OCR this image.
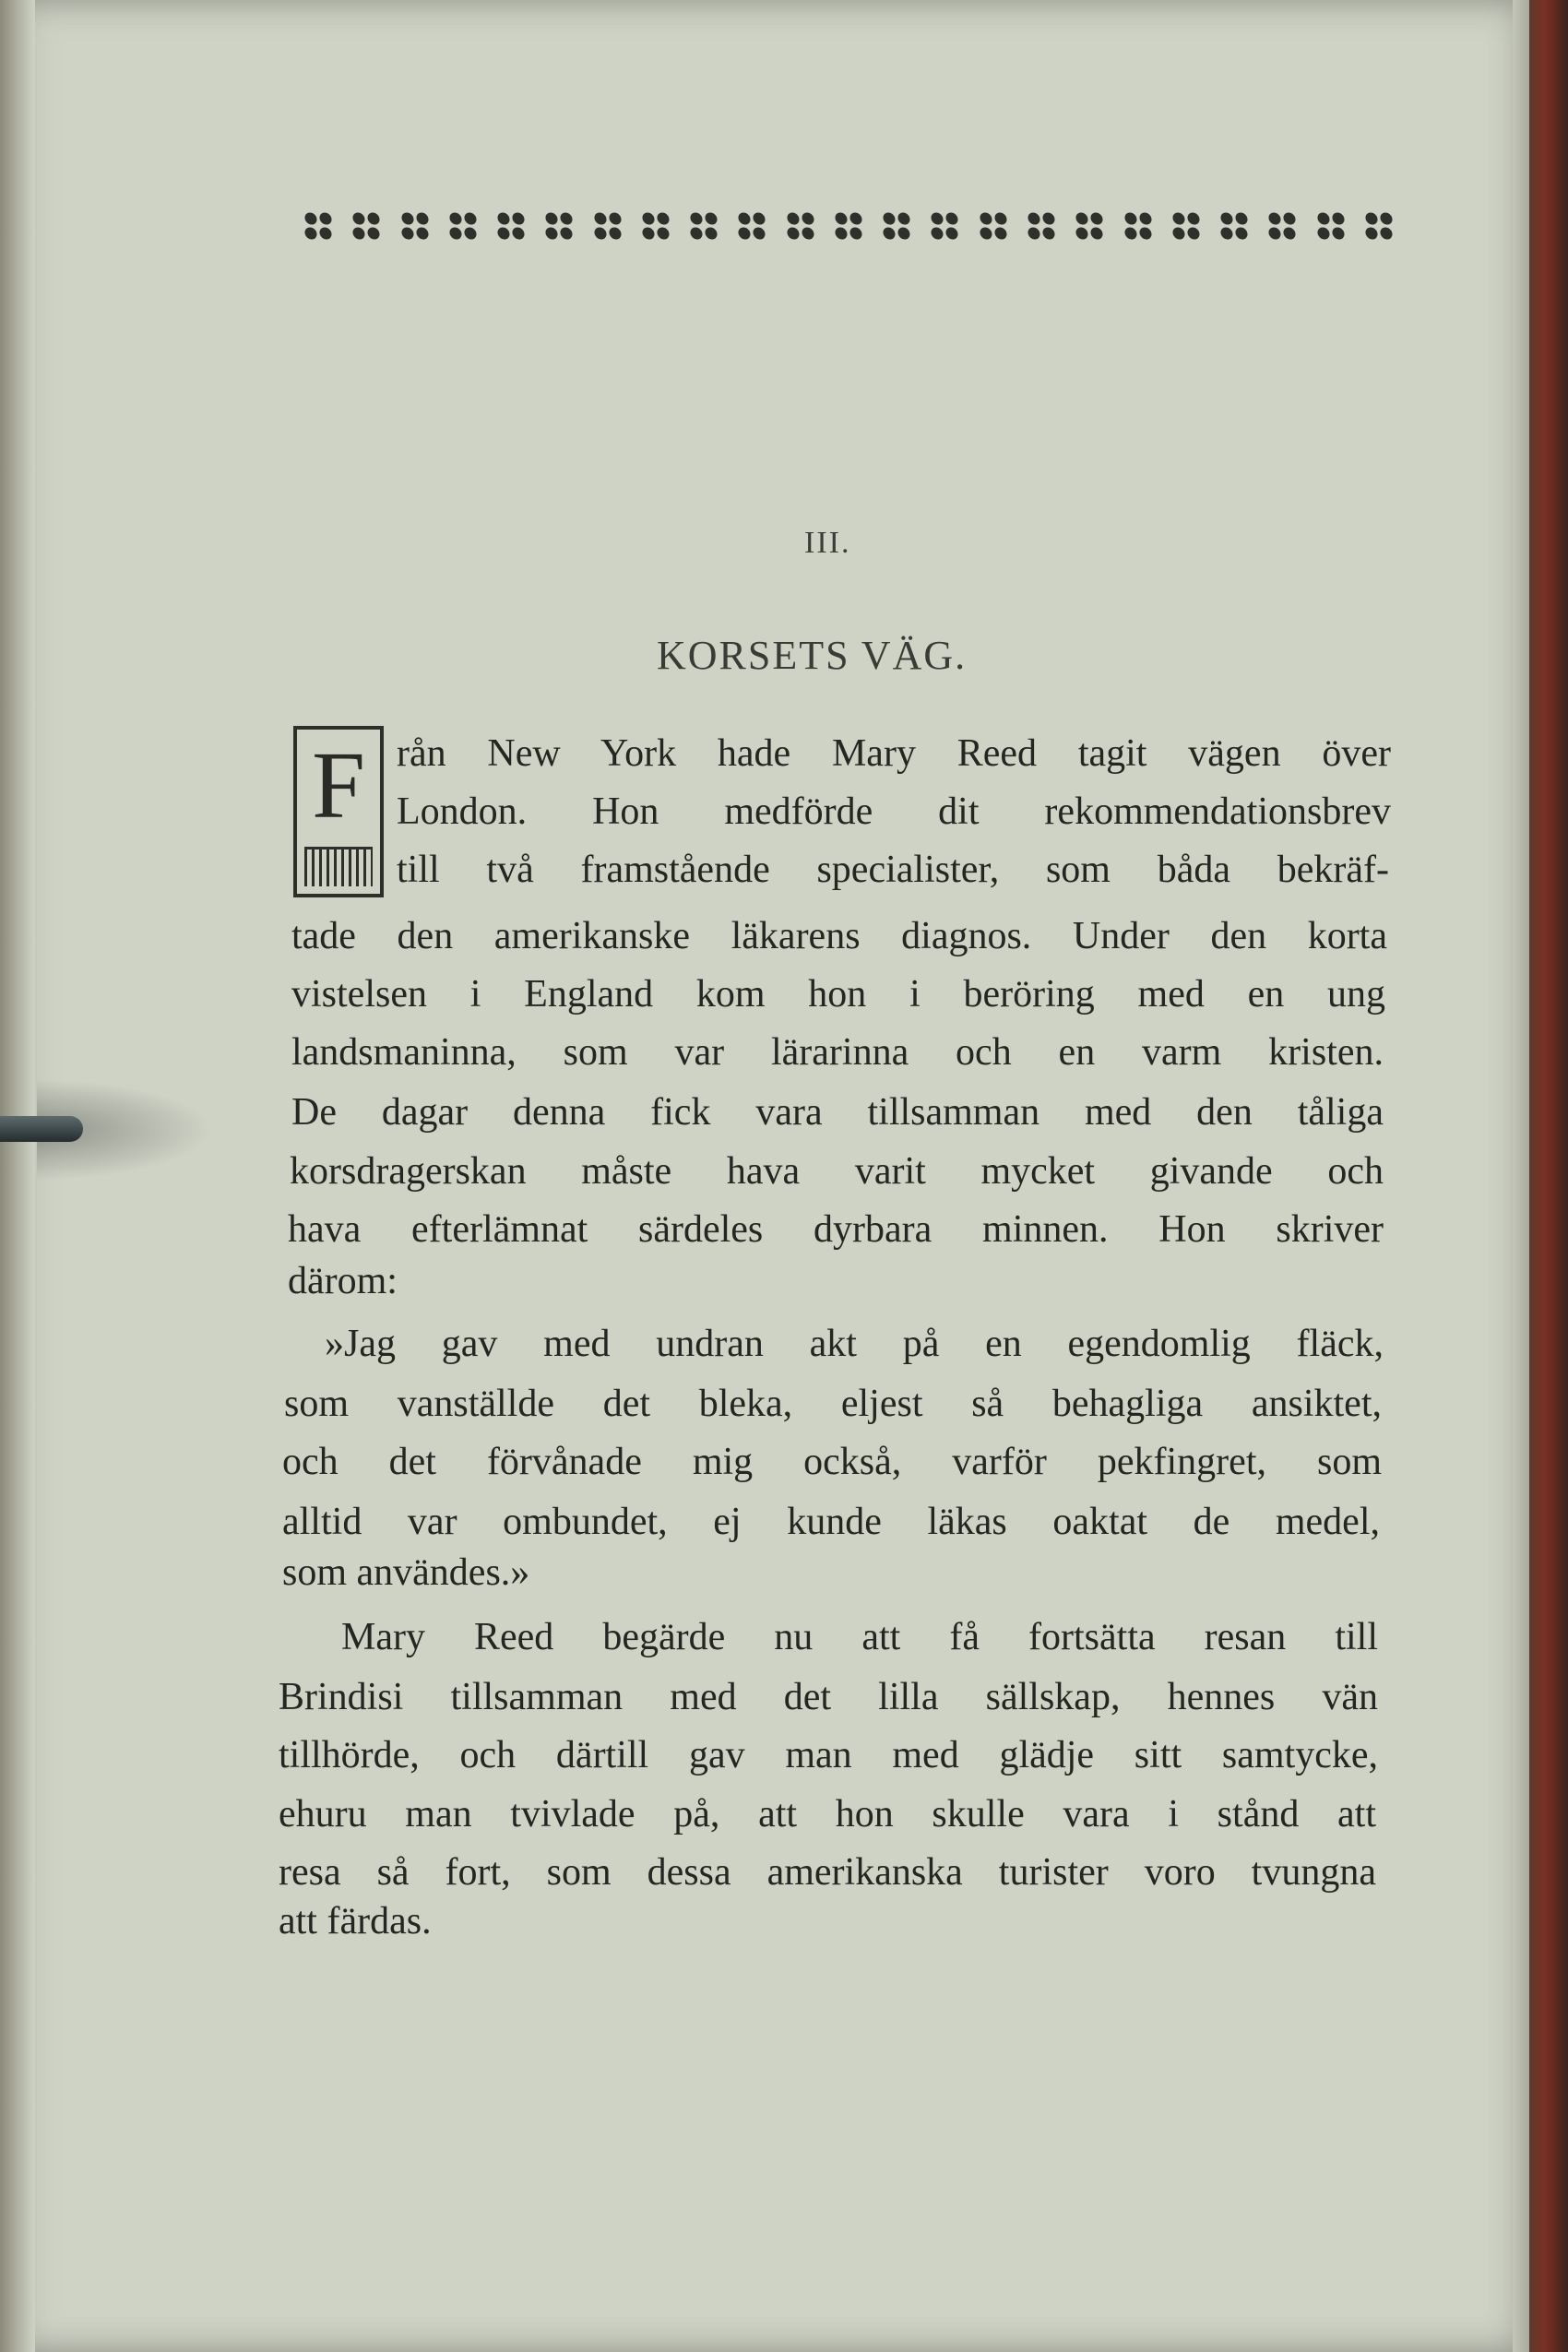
III.
KORSETS VÄG.
F rån New York hade Mary Reed tagit vägen över
London. Hon medförde dit rekommendationsbrev
till två framstående specialister, som båda bekräf-
tade den amerikanske läkarens diagnos. Under den korta
vistelsen i England kom hon i beröring med en ung
landsmaninna, som var lärarinna och en varm kristen.
De dagar denna fick vara tillsamman med den tåliga
korsdragerskan måste hava varit mycket givande och
hava efterlämnat särdeles dyrbara minnen. Hon skriver
därom:
»Jag gav med undran akt på en egendomlig fläck,
som vanställde det bleka, eljest så behagliga ansiktet,
och det förvånade mig också, varför pekfingret, som
alltid var ombundet, ej kunde läkas oaktat de medel,
som användes.»
Mary Reed begärde nu att få fortsätta resan till
Brindisi tillsamman med det lilla sällskap, hennes vän
tillhörde, och därtill gav man med glädje sitt samtycke,
ehuru man tvivlade på, att hon skulle vara i stånd att
resa så fort, som dessa amerikanska turister voro tvungna
att färdas.
